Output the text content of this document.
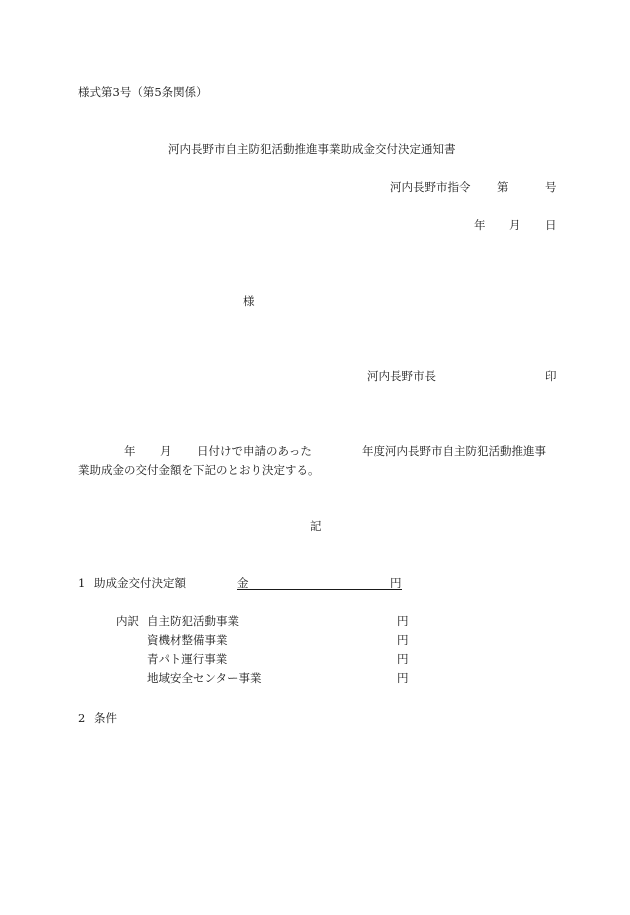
様式第3号（第5条関係）
河内長野市自主防犯活動推進事業助成金交付決定通知書
河内長野市指令 第	号
年 月 日
様
河内長野市長	印
年 月 日付けで申請のあった	年度河内長野市自主防犯活動推進事
業助成金の交付金額を下記のとおり決定する。
記
1 助成金交付決定額	金	円
内訳 自主防犯活動事業	円
資機材整備事業	円
青パト運行事業	円
地域安全センター事業	円
2 条件
